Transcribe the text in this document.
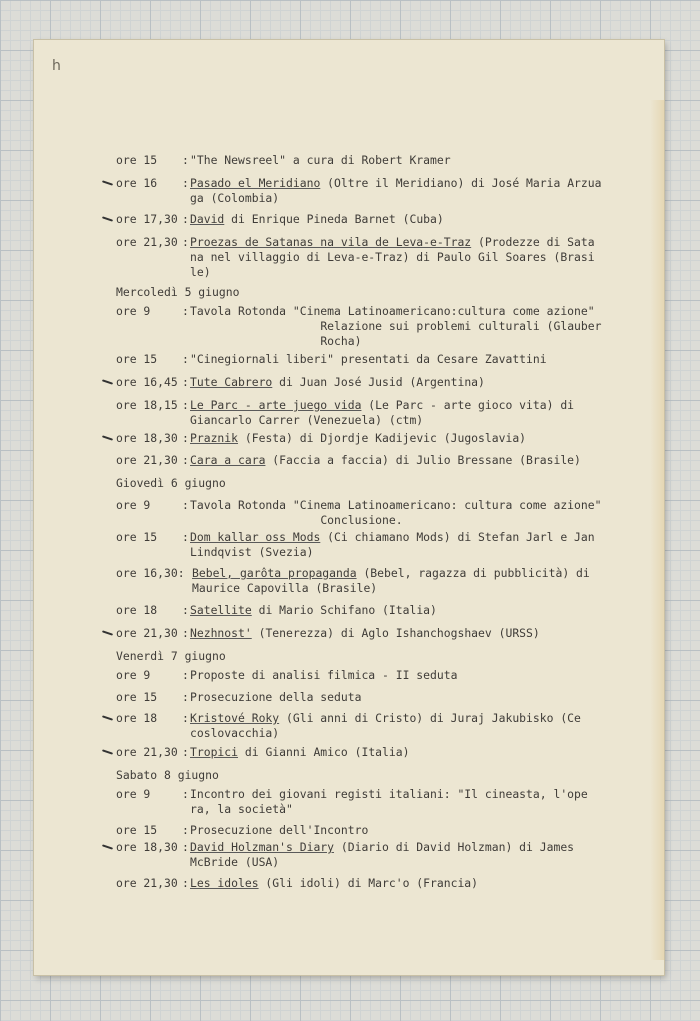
h
ore 15 : "The Newsreel" a cura di Robert Kramer
ore 16 : Pasado el Meridiano (Oltre il Meridiano) di José Maria Arzua
ga (Colombia)
ore 17,30 : David di Enrique Pineda Barnet (Cuba)
ore 21,30 : Proezas de Satanas na vila de Leva-e-Traz (Prodezze di Sata
na nel villaggio di Leva-e-Traz) di Paulo Gil Soares (Brasi
le)
Mercoledì 5 giugno
ore 9	: Tavola Rotonda "Cinema Latinoamericano:cultura come azione"
Relazione sui problemi culturali (Glauber
Rocha)
ore 15 : "Cinegiornali liberi" presentati da Cesare Zavattini
ore 16,45 : Tute Cabrero di Juan José Jusid (Argentina)
ore 18,15 : Le Parc - arte juego vida (Le Parc - arte gioco vita) di
Giancarlo Carrer (Venezuela) (ctm)
ore 18,30 : Praznik (Festa) di Djordje Kadijevic (Jugoslavia)
ore 21,30 : Cara a cara (Faccia a faccia) di Julio Bressane (Brasile)
Giovedì 6 giugno
ore 9	: Tavola Rotonda "Cinema Latinoamericano: cultura come azione"
Conclusione.
ore 15 : Dom kallar oss Mods (Ci chiamano Mods) di Stefan Jarl e Jan
Lindqvist (Svezia)
ore 16,30: Bebel, garôta propaganda (Bebel, ragazza di pubblicità) di
Maurice Capovilla (Brasile)
ore 18 : Satellite di Mario Schifano (Italia)
ore 21,30 : Nezhnost' (Tenerezza) di Aglo Ishanchogshaev (URSS)
Venerdì 7 giugno
ore 9	: Proposte di analisi filmica - II seduta
ore 15 : Prosecuzione della seduta
ore 18 : Kristové Roky (Gli anni di Cristo) di Juraj Jakubisko (Ce
coslovacchia)
ore 21,30 : Tropici di Gianni Amico (Italia)
Sabato 8 giugno
ore 9	: Incontro dei giovani registi italiani: "Il cineasta, l'ope
ra, la società"
ore 15 : Prosecuzione dell'Incontro
ore 18,30 : David Holzman's Diary (Diario di David Holzman) di James
McBride (USA)
ore 21,30 : Les idoles (Gli idoli) di Marc'o (Francia)
